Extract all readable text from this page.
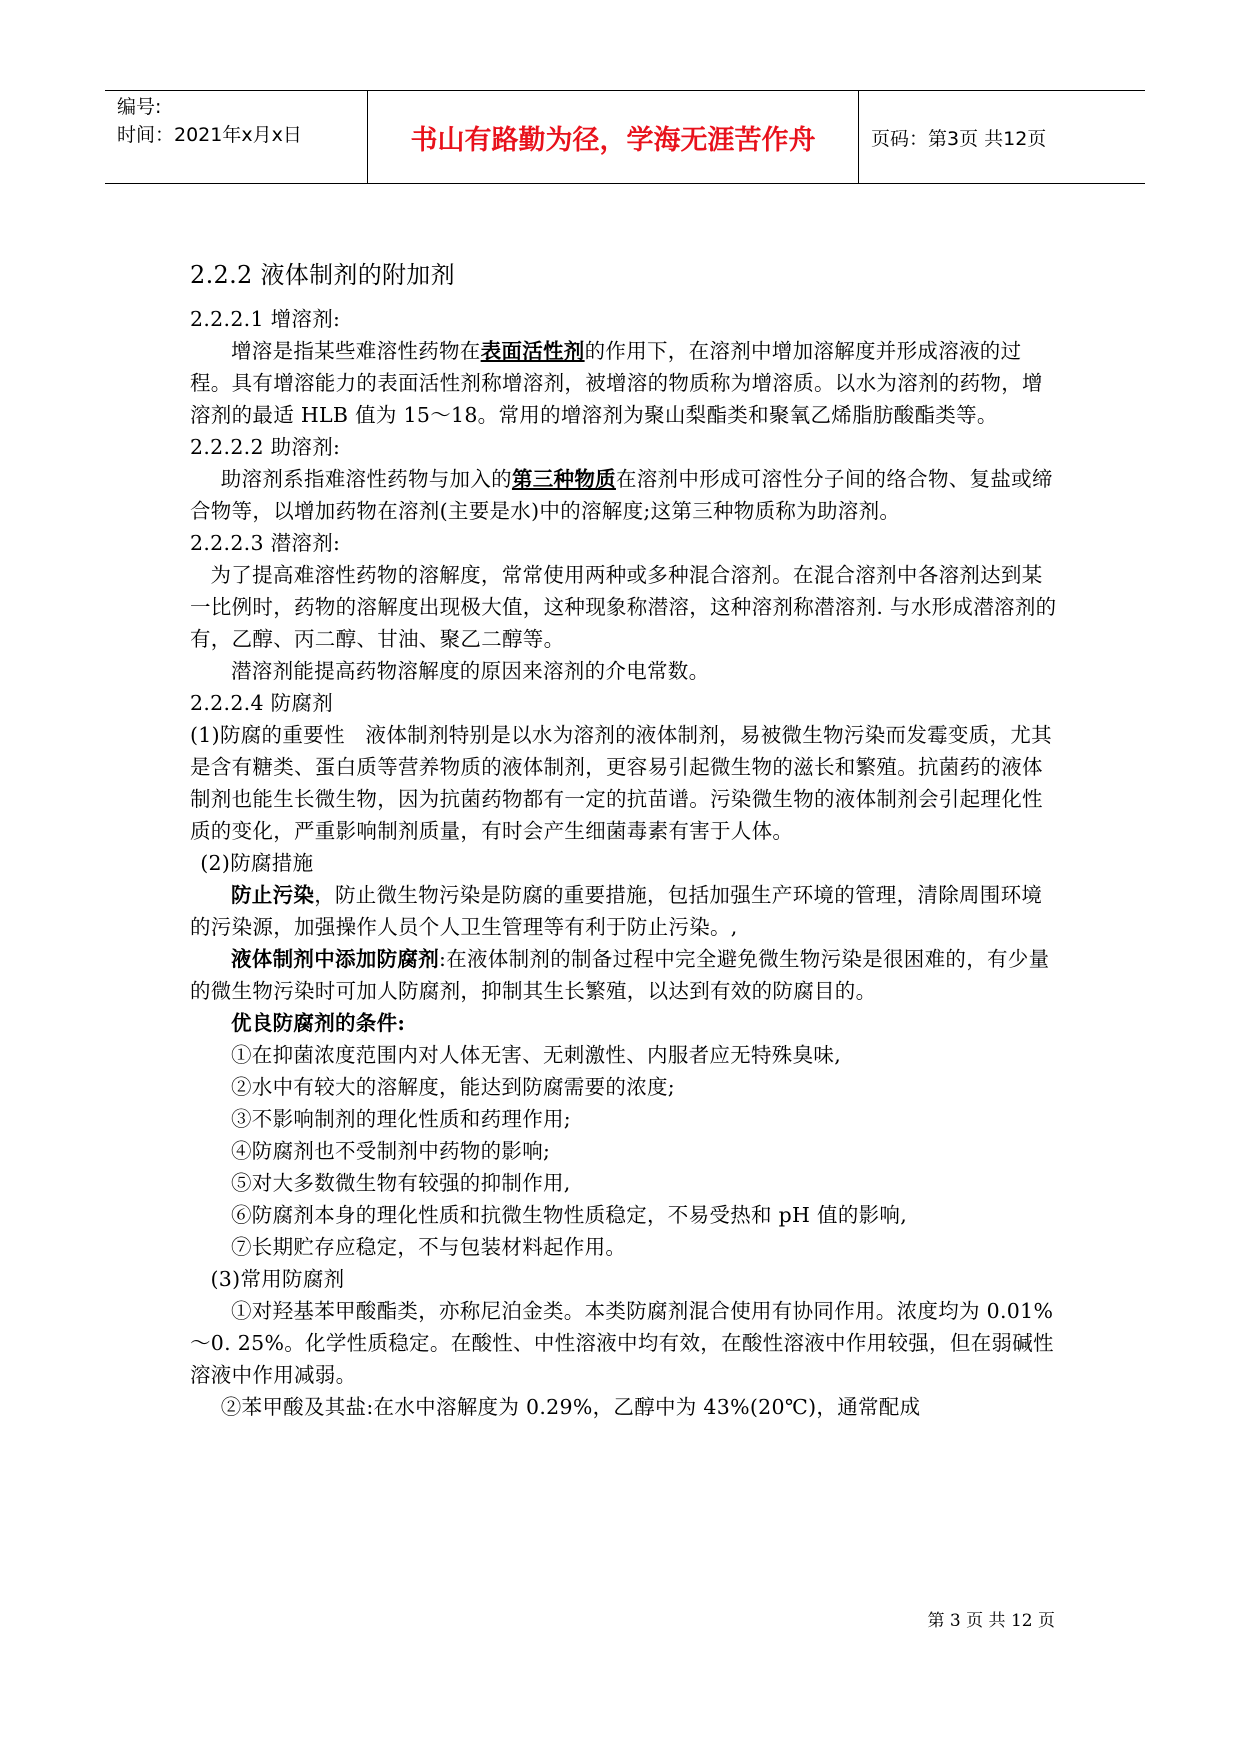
编号:
时间：2021年x月x日	书山有路勤为径，学海无涯苦作舟	页码：第3页 共12页

2.2.2 液体制剂的附加剂

2.2.2.1 增溶剂:

增溶是指某些难溶性药物在表面活性剂的作用下，在溶剂中增加溶解度并形成溶液的过程。具有增溶能力的表面活性剂称增溶剂，被增溶的物质称为增溶质。以水为溶剂的药物，增溶剂的最适 HLB 值为 15～18。常用的增溶剂为聚山梨酯类和聚氧乙烯脂肪酸酯类等。

2.2.2.2 助溶剂:

助溶剂系指难溶性药物与加入的第三种物质在溶剂中形成可溶性分子间的络合物、复盐或缔合物等，以增加药物在溶剂(主要是水)中的溶解度;这第三种物质称为助溶剂。

2.2.2.3 潜溶剂:

为了提高难溶性药物的溶解度，常常使用两种或多种混合溶剂。在混合溶剂中各溶剂达到某一比例时，药物的溶解度出现极大值，这种现象称潜溶，这种溶剂称潜溶剂. 与水形成潜溶剂的有，乙醇、丙二醇、甘油、聚乙二醇等。

潜溶剂能提高药物溶解度的原因来溶剂的介电常数。

2.2.2.4 防腐剂

(1)防腐的重要性　液体制剂特别是以水为溶剂的液体制剂，易被微生物污染而发霉变质，尤其是含有糖类、蛋白质等营养物质的液体制剂，更容易引起微生物的滋长和繁殖。抗菌药的液体制剂也能生长微生物，因为抗菌药物都有一定的抗苗谱。污染微生物的液体制剂会引起理化性质的变化，严重影响制剂质量，有时会产生细菌毒素有害于人体。

(2)防腐措施

防止污染，防止微生物污染是防腐的重要措施，包括加强生产环境的管理，清除周围环境的污染源，加强操作人员个人卫生管理等有利于防止污染。,

液体制剂中添加防腐剂:在液体制剂的制备过程中完全避免微生物污染是很困难的，有少量的微生物污染时可加人防腐剂，抑制其生长繁殖，以达到有效的防腐目的。

优良防腐剂的条件:

①在抑菌浓度范围内对人体无害、无刺激性、内服者应无特殊臭味,

②水中有较大的溶解度，能达到防腐需要的浓度;

③不影响制剂的理化性质和药理作用;

④防腐剂也不受制剂中药物的影响;

⑤对大多数微生物有较强的抑制作用,

⑥防腐剂本身的理化性质和抗微生物性质稳定，不易受热和 pH 值的影响,

⑦长期贮存应稳定，不与包装材料起作用。

(3)常用防腐剂

①对羟基苯甲酸酯类，亦称尼泊金类。本类防腐剂混合使用有协同作用。浓度均为 0.01%～0. 25%。化学性质稳定。在酸性、中性溶液中均有效，在酸性溶液中作用较强，但在弱碱性溶液中作用减弱。

②苯甲酸及其盐:在水中溶解度为 0.29%，乙醇中为 43%(20℃)，通常配成

第 3 页 共 12 页
